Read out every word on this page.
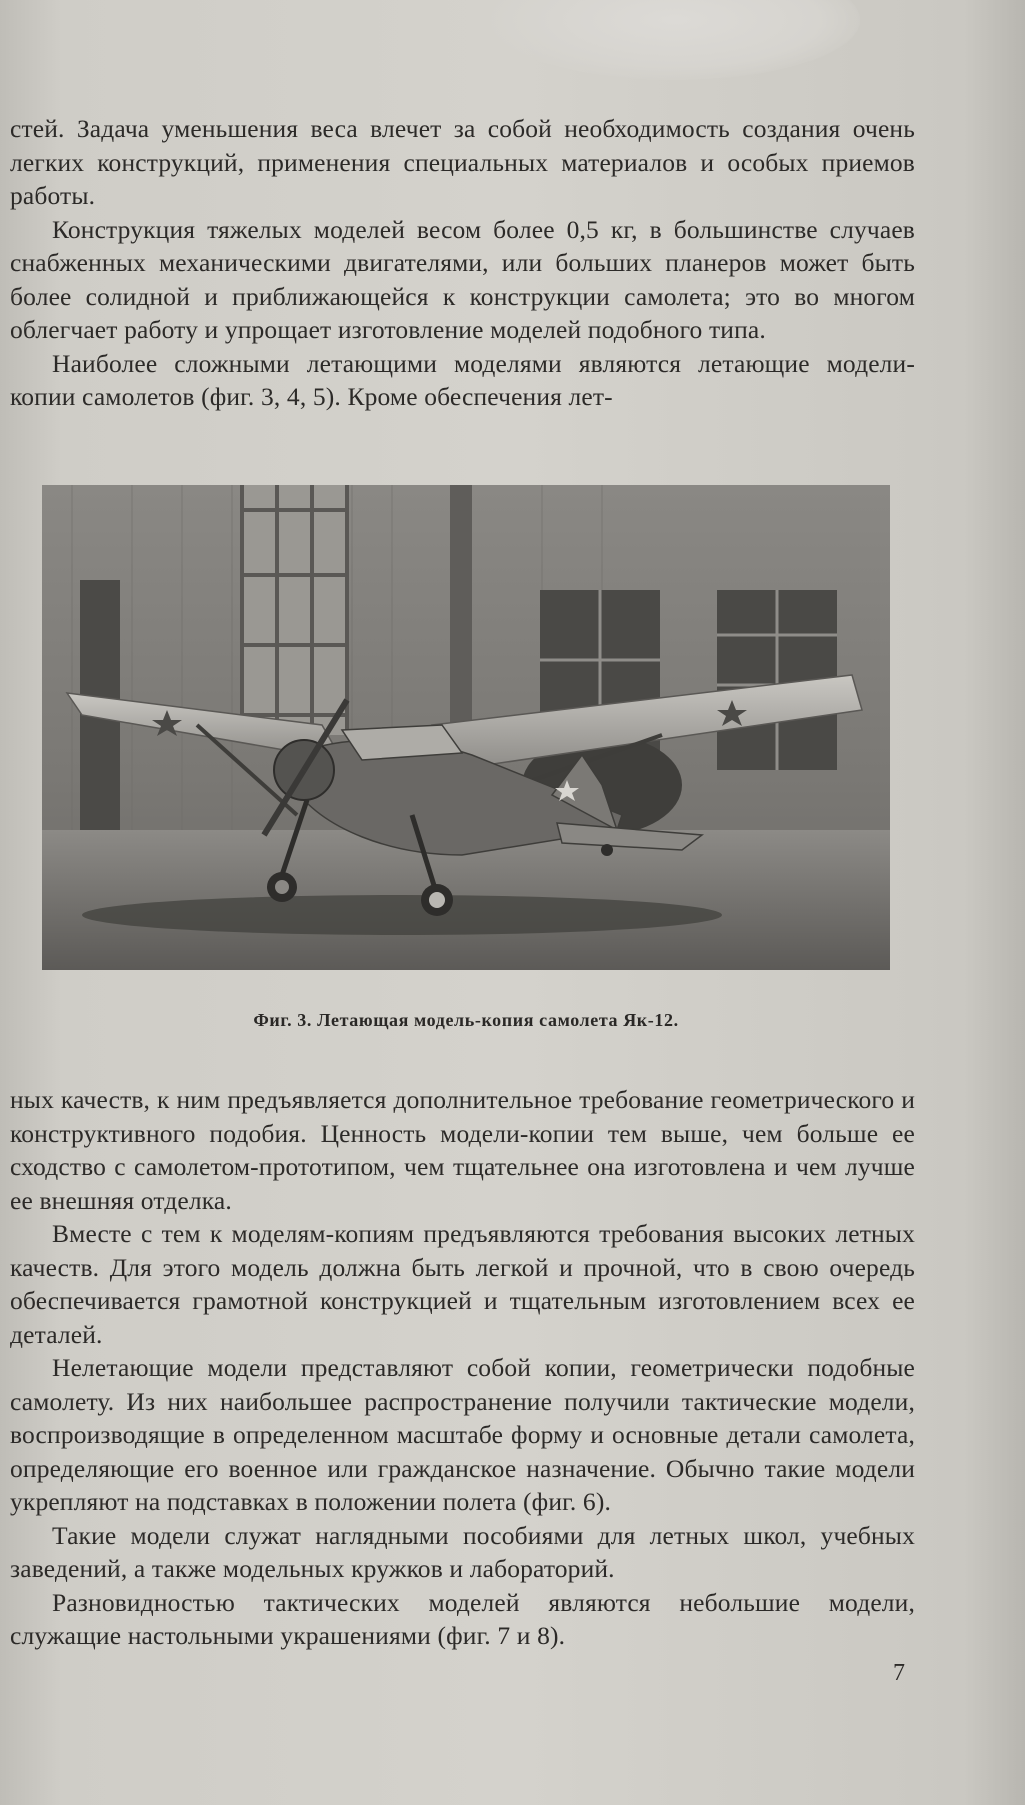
стей. Задача уменьшения веса влечет за собой необходимость создания очень легких конструкций, применения специальных материалов и особых приемов работы.

Конструкция тяжелых моделей весом более 0,5 кг, в большинстве случаев снабженных механическими двигателями, или больших планеров может быть более солидной и приближающейся к конструкции самолета; это во многом облегчает работу и упрощает изготовление моделей подобного типа.

Наиболее сложными летающими моделями являются летающие модели-копии самолетов (фиг. 3, 4, 5). Кроме обеспечения лет-

Фиг. 3. Летающая модель-копия самолета Як-12.

ных качеств, к ним предъявляется дополнительное требование геометрического и конструктивного подобия. Ценность модели-копии тем выше, чем больше ее сходство с самолетом-прототипом, чем тщательнее она изготовлена и чем лучше ее внешняя отделка.

Вместе с тем к моделям-копиям предъявляются требования высоких летных качеств. Для этого модель должна быть легкой и прочной, что в свою очередь обеспечивается грамотной конструкцией и тщательным изготовлением всех ее деталей.

Нелетающие модели представляют собой копии, геометрически подобные самолету. Из них наибольшее распространение получили тактические модели, воспроизводящие в определенном масштабе форму и основные детали самолета, определяющие его военное или гражданское назначение. Обычно такие модели укрепляют на подставках в положении полета (фиг. 6).

Такие модели служат наглядными пособиями для летных школ, учебных заведений, а также модельных кружков и лабораторий.

Разновидностью тактических моделей являются небольшие модели, служащие настольными украшениями (фиг. 7 и 8).

7
